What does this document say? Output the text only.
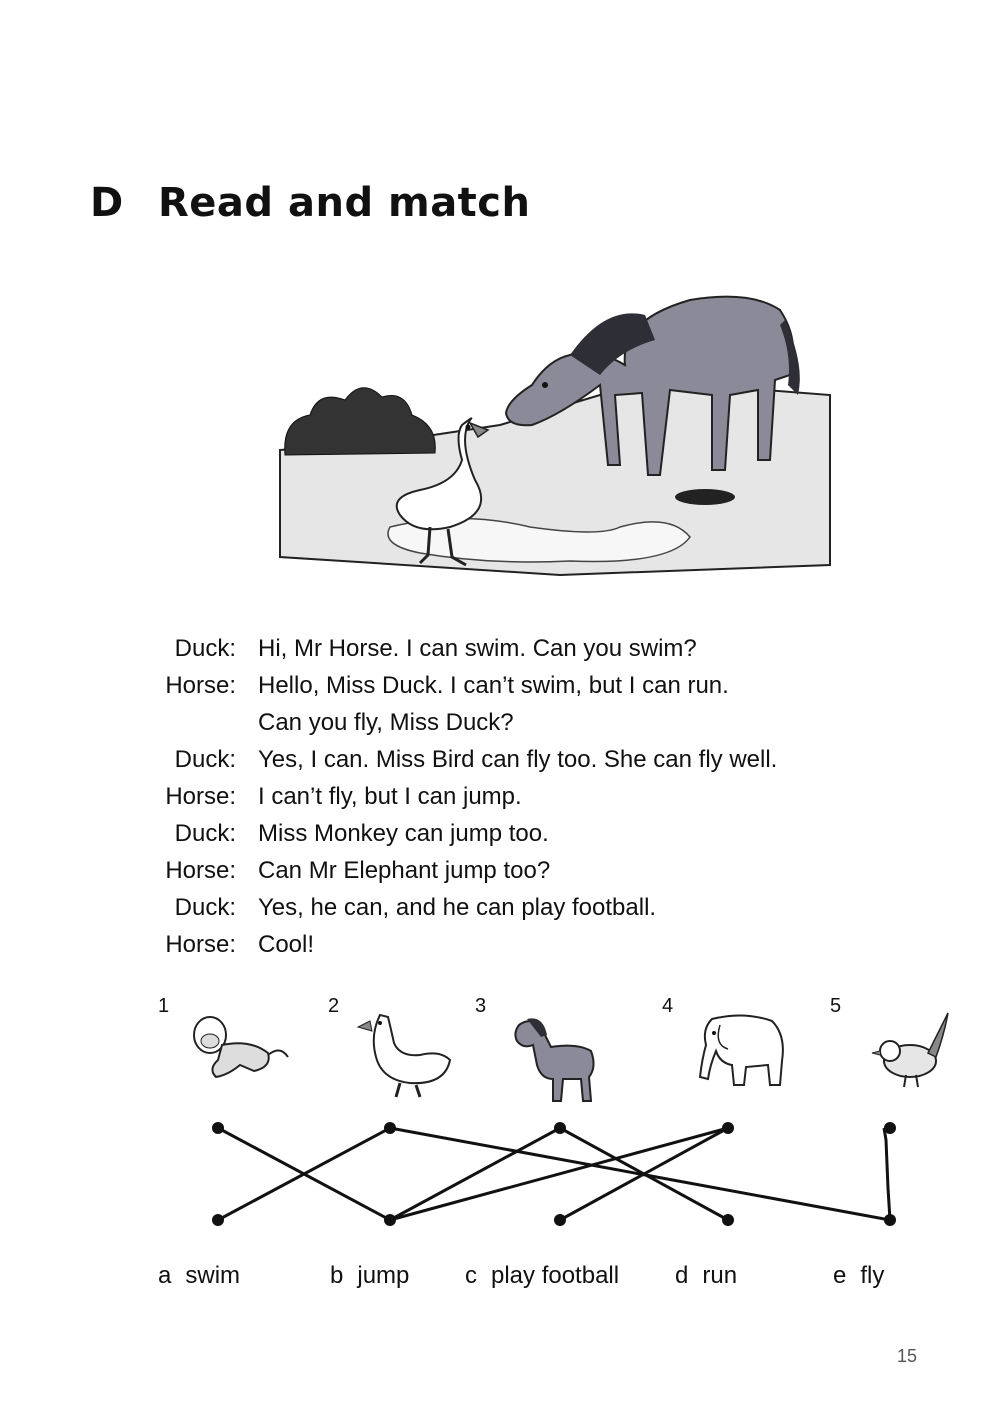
D Read and match
Duck: Hi, Mr Horse. I can swim. Can you swim?
Horse: Hello, Miss Duck. I can’t swim, but I can run.
Can you fly, Miss Duck?
Duck: Yes, I can. Miss Bird can fly too. She can fly well.
Horse: I can’t fly, but I can jump.
Duck: Miss Monkey can jump too.
Horse: Can Mr Elephant jump too?
Duck: Yes, he can, and he can play football.
Horse: Cool!
1	2	3	4	5
a swim	b jump c play football d run	e fly
15
